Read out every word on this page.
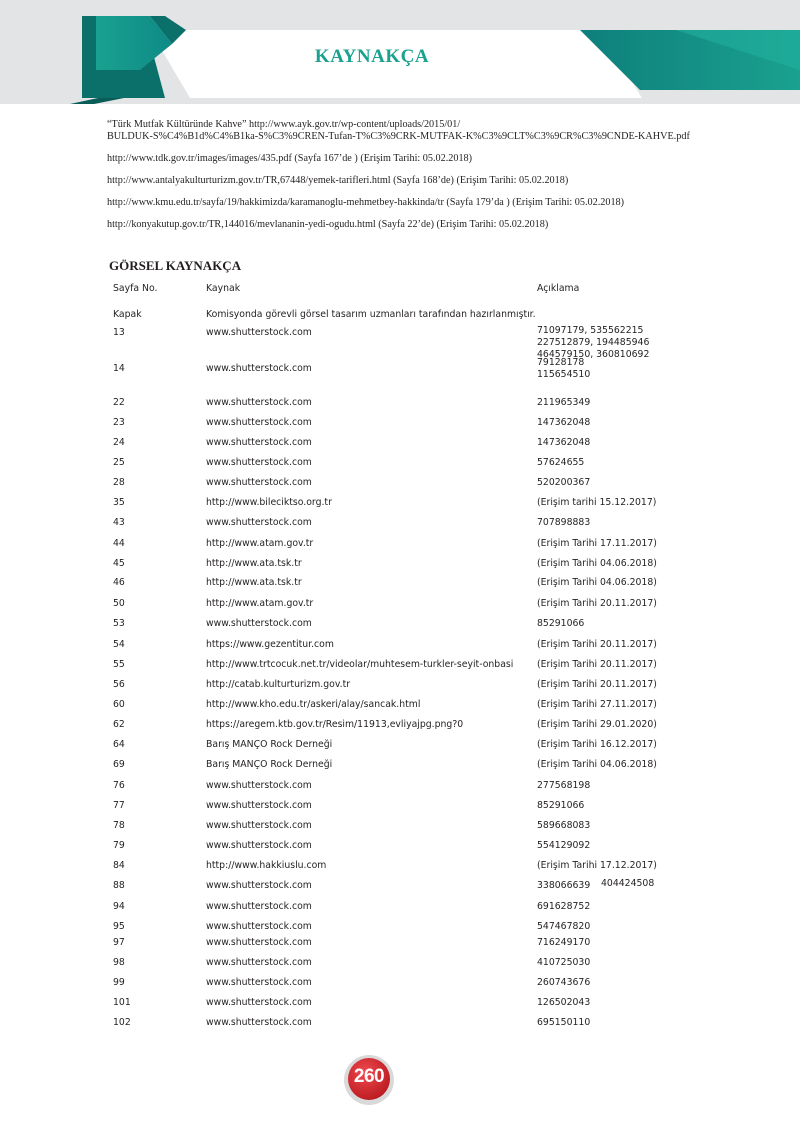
KAYNAKÇA
“Türk Mutfak Kültüründe Kahve” http://www.ayk.gov.tr/wp-content/uploads/2015/01/
BULDUK-S%C4%B1d%C4%B1ka-S%C3%9CREN-Tufan-T%C3%9CRK-MUTFAK-K%C3%9CLT%C3%9CR%C3%9CNDE-KAHVE.pdf
http://www.tdk.gov.tr/images/images/435.pdf (Sayfa 167’de ) (Erişim Tarihi: 05.02.2018)
http://www.antalyakulturturizm.gov.tr/TR,67448/yemek-tarifleri.html (Sayfa 168’de) (Erişim Tarihi: 05.02.2018)
http://www.kmu.edu.tr/sayfa/19/hakkimizda/karamanoglu-mehmetbey-hakkinda/tr (Sayfa 179’da ) (Erişim Tarihi: 05.02.2018)
http://konyakutup.gov.tr/TR,144016/mevlananin-yedi-ogudu.html (Sayfa 22’de) (Erişim Tarihi: 05.02.2018)
GÖRSEL KAYNAKÇA
Sayfa No.	Kaynak	Açıklama
Kapak	Komisyonda görevli görsel tasarım uzmanları tarafından hazırlanmıştır.
13	www.shutterstock.com	71097179, 535562215
227512879, 194485946
464579150, 360810692
14	www.shutterstock.com
79128178
115654510
22	www.shutterstock.com	211965349
23	www.shutterstock.com	147362048
24	www.shutterstock.com	147362048
25	www.shutterstock.com	57624655
28	www.shutterstock.com	520200367
35	http://www.bileciktso.org.tr	(Erişim tarihi 15.12.2017)
43	www.shutterstock.com	707898883
44	http://www.atam.gov.tr	(Erişim Tarihi 17.11.2017)
45	http://www.ata.tsk.tr	(Erişim Tarihi 04.06.2018)
46	http://www.ata.tsk.tr	(Erişim Tarihi 04.06.2018)
50	http://www.atam.gov.tr	(Erişim Tarihi 20.11.2017)
53	www.shutterstock.com	85291066
54	https://www.gezentitur.com	(Erişim Tarihi 20.11.2017)
55	http://www.trtcocuk.net.tr/videolar/muhtesem-turkler-seyit-onbasi	(Erişim Tarihi 20.11.2017)
56	http://catab.kulturturizm.gov.tr	(Erişim Tarihi 20.11.2017)
60	http://www.kho.edu.tr/askeri/alay/sancak.html	(Erişim Tarihi 27.11.2017)
62	https://aregem.ktb.gov.tr/Resim/11913,evliyajpg.png?0	(Erişim Tarihi 29.01.2020)
64	Barış MANÇO Rock Derneği	(Erişim Tarihi 16.12.2017)
69	Barış MANÇO Rock Derneği	(Erişim Tarihi 04.06.2018)
76	www.shutterstock.com	277568198
77	www.shutterstock.com	85291066
78	www.shutterstock.com	589668083
79	www.shutterstock.com	554129092
84	http://www.hakkiuslu.com	(Erişim Tarihi 17.12.2017)
88	www.shutterstock.com	338066639 404424508
94	www.shutterstock.com	691628752
95	www.shutterstock.com	547467820
97	www.shutterstock.com	716249170
98	www.shutterstock.com	410725030
99	www.shutterstock.com	260743676
101	www.shutterstock.com	126502043
102	www.shutterstock.com	695150110
260
